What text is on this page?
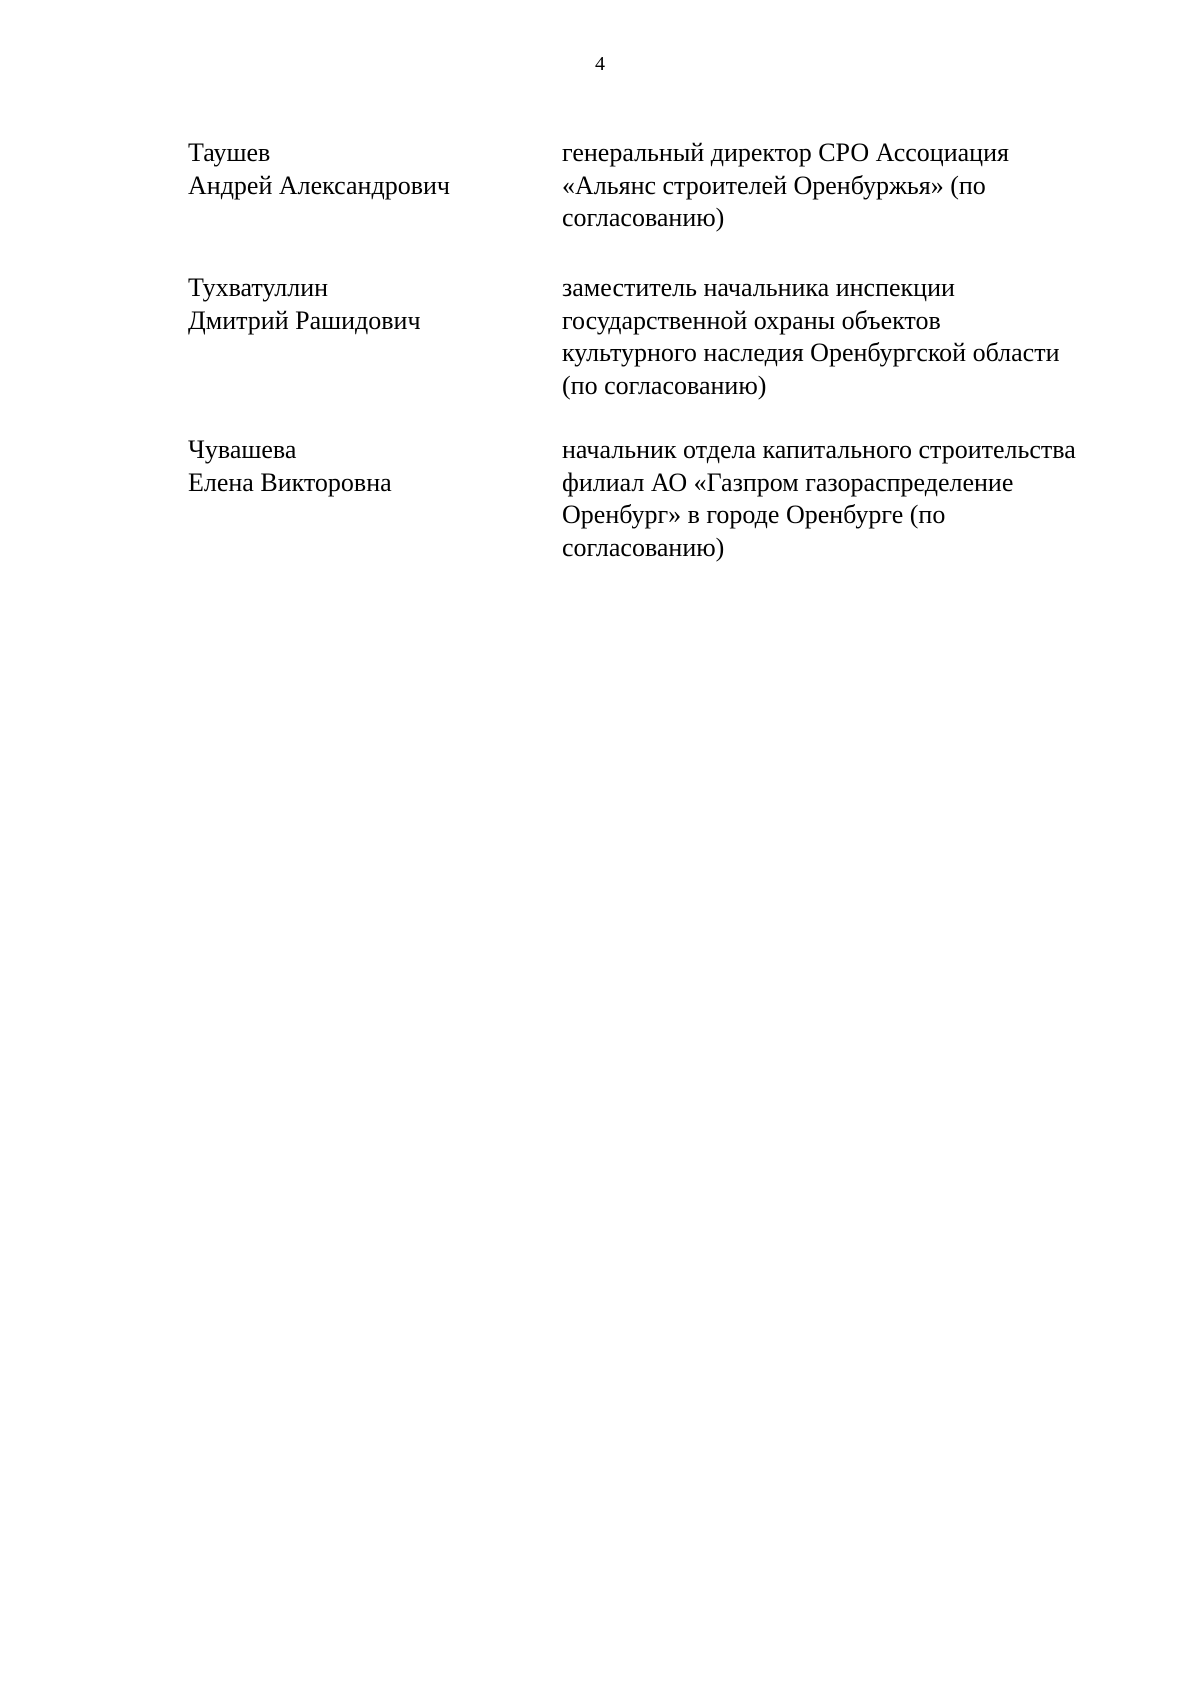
4
Таушев
Андрей Александрович
генеральный директор СРО Ассоциация
«Альянс строителей Оренбуржья» (по
согласованию)
Тухватуллин
Дмитрий Рашидович
заместитель начальника инспекции
государственной охраны объектов
культурного наследия Оренбургской области
(по согласованию)
Чувашева
Елена Викторовна
начальник отдела капитального строительства
филиал АО «Газпром газораспределение
Оренбург» в городе Оренбурге (по
согласованию)
